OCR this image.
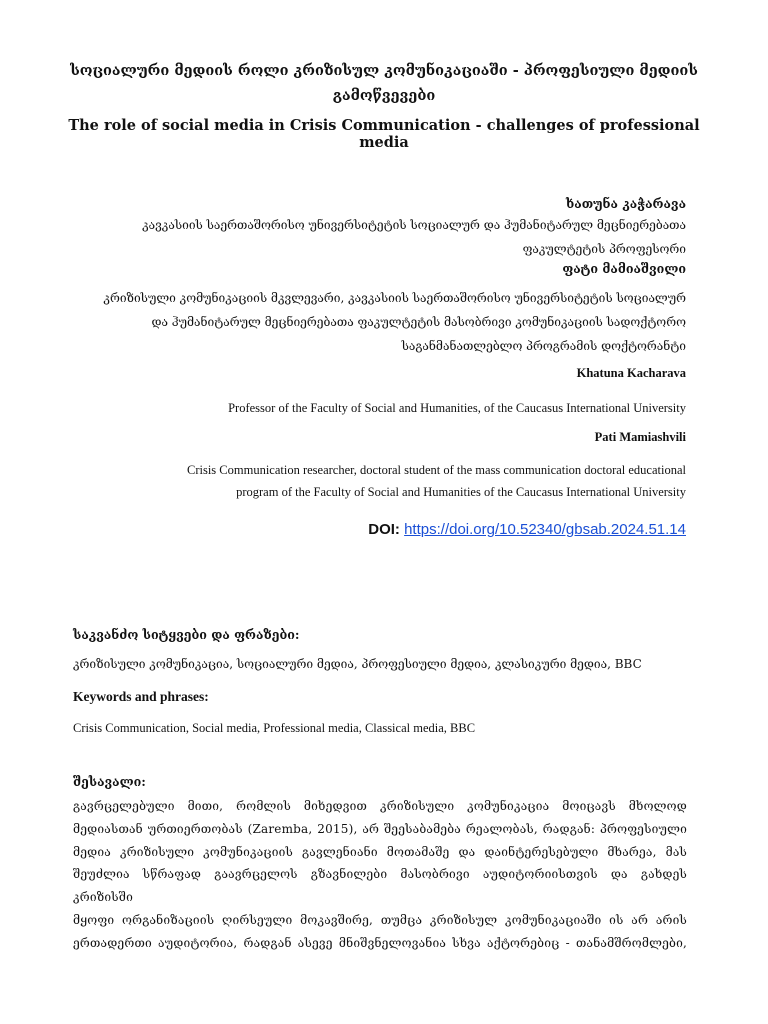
სოციალური მედიის როლი კრიზისულ კომუნიკაციაში - პროფესიული მედიის
გამოწვევები
The role of social media in Crisis Communication - challenges of professional media
ხათუნა კაჭარავა
კავკასიის საერთაშორისო უნივერსიტეტის სოციალურ და ჰუმანიტარულ მეცნიერებათა
ფაკულტეტის პროფესორი
ფატი მამიაშვილი
კრიზისული კომუნიკაციის მკვლევარი, კავკასიის საერთაშორისო უნივერსიტეტის სოციალურ
და ჰუმანიტარულ მეცნიერებათა ფაკულტეტის მასობრივი კომუნიკაციის სადოქტორო
საგანმანათლებლო პროგრამის დოქტორანტი
Khatuna Kacharava
Professor of the Faculty of Social and Humanities, of the Caucasus International University
Pati Mamiashvili
Crisis Communication researcher, doctoral student of the mass communication doctoral educational
program of the Faculty of Social and Humanities of the Caucasus International University
DOI: https://doi.org/10.52340/gbsab.2024.51.14
საკვანძო სიტყვები და ფრაზები:
კრიზისული კომუნიკაცია, სოციალური მედია, პროფესიული მედია, კლასიკური მედია, BBC
Keywords and phrases:
Crisis Communication, Social media, Professional media, Classical media, BBC
შესავალი:
გავრცელებული მითი, რომლის მიხედვით კრიზისული კომუნიკაცია მოიცავს მხოლოდ
მედიასთან ურთიერთობას (Zaremba, 2015), არ შეესაბამება რეალობას, რადგან: პროფესიული
მედია კრიზისული კომუნიკაციის გავლენიანი მოთამაშე და დაინტერესებული მხარეა, მას
შეუძლია სწრაფად გაავრცელოს გზავნილები მასობრივი აუდიტორიისთვის და გახდეს კრიზისში
მყოფი ორგანიზაციის ღირსეული მოკავშირე, თუმცა კრიზისულ კომუნიკაციაში ის არ არის
ერთადერთი აუდიტორია, რადგან ასევე მნიშვნელოვანია სხვა აქტორებიც - თანამშრომლები,
